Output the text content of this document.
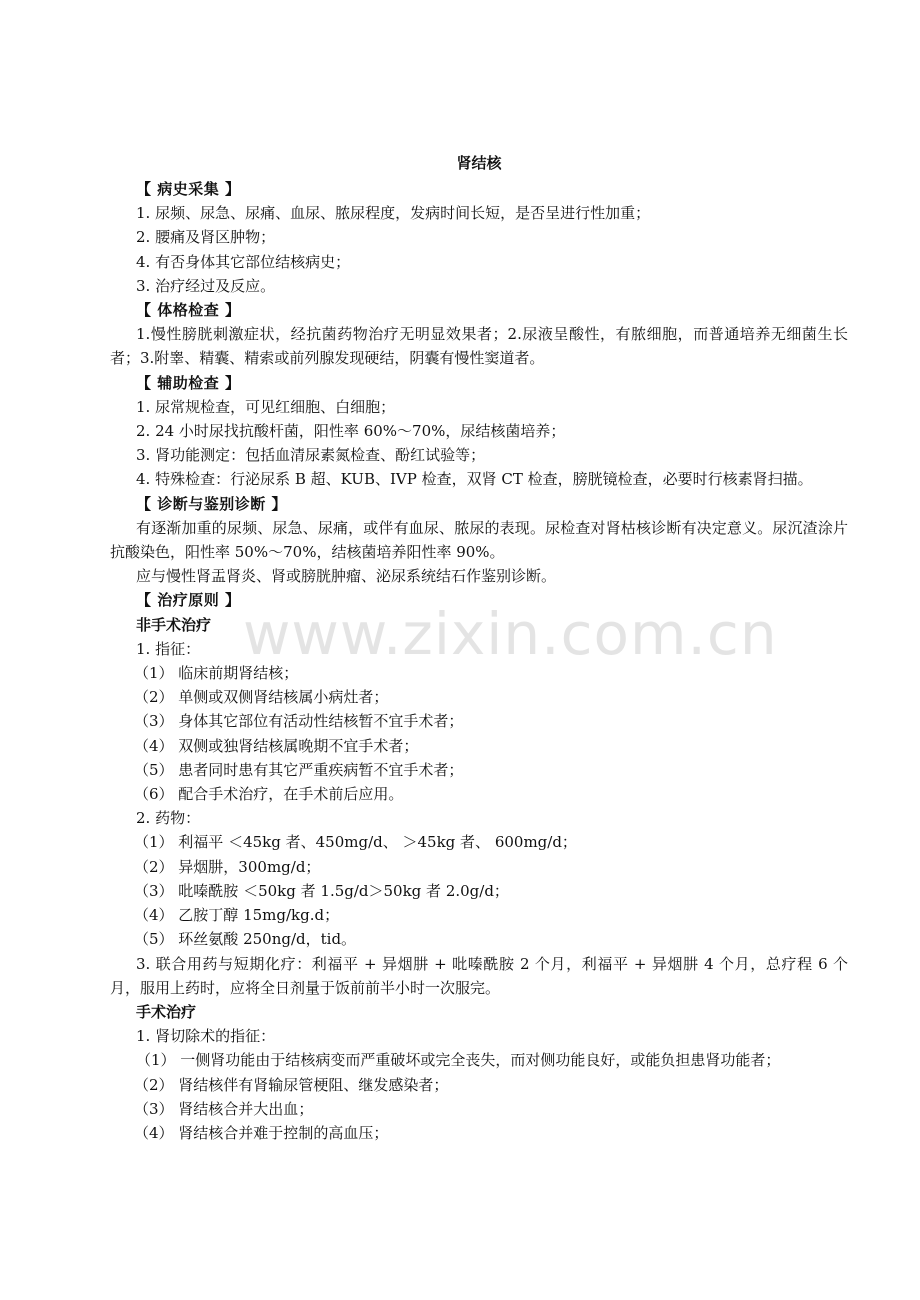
www.zixin.com.cn
肾结核
【 病史采集 】
1. 尿频、尿急、尿痛、血尿、脓尿程度，发病时间长短，是否呈进行性加重；
2. 腰痛及肾区肿物；
4. 有否身体其它部位结核病史；
3. 治疗经过及反应。
【 体格检查 】
1.慢性膀胱刺激症状，经抗菌药物治疗无明显效果者；2.尿液呈酸性，有脓细胞，而普通培养无细菌生长者；3.附睾、精囊、精索或前列腺发现硬结，阴囊有慢性窦道者。
【 辅助检查 】
1. 尿常规检查，可见红细胞、白细胞；
2. 24 小时尿找抗酸杆菌，阳性率 60%～70%，尿结核菌培养；
3. 肾功能测定：包括血清尿素氮检查、酚红试验等；
4. 特殊检查：行泌尿系 B 超、KUB、IVP 检查，双肾 CT 检查，膀胱镜检查，必要时行核素肾扫描。
【 诊断与鉴别诊断 】
有逐渐加重的尿频、尿急、尿痛，或伴有血尿、脓尿的表现。尿检查对肾枯核诊断有决定意义。尿沉渣涂片抗酸染色，阳性率 50%～70%，结核菌培养阳性率 90%。
应与慢性肾盂肾炎、肾或膀胱肿瘤、泌尿系统结石作鉴别诊断。
【 治疗原则 】
非手术治疗
1. 指征：
（1） 临床前期肾结核；
（2） 单侧或双侧肾结核属小病灶者；
（3） 身体其它部位有活动性结核暂不宜手术者；
（4） 双侧或独肾结核属晚期不宜手术者；
（5） 患者同时患有其它严重疾病暂不宜手术者；
（6） 配合手术治疗，在手术前后应用。
2. 药物：
（1） 利福平 ＜45kg 者、450mg/d、 ＞45kg 者、 600mg/d；
（2） 异烟肼，300mg/d；
（3） 吡嗪酰胺 ＜50kg 者 1.5g/d＞50kg 者 2.0g/d；
（4） 乙胺丁醇 15mg/kg.d；
（5） 环丝氨酸 250ng/d，tid。
3. 联合用药与短期化疗：利福平 + 异烟肼 + 吡嗪酰胺 2 个月，利福平 + 异烟肼 4 个月，总疗程 6 个月，服用上药时，应将全日剂量于饭前前半小时一次服完。
手术治疗
1. 肾切除术的指征：
（1） 一侧肾功能由于结核病变而严重破坏或完全丧失，而对侧功能良好，或能负担患肾功能者；
（2） 肾结核伴有肾输尿管梗阻、继发感染者；
（3） 肾结核合并大出血；
（4） 肾结核合并难于控制的高血压；
